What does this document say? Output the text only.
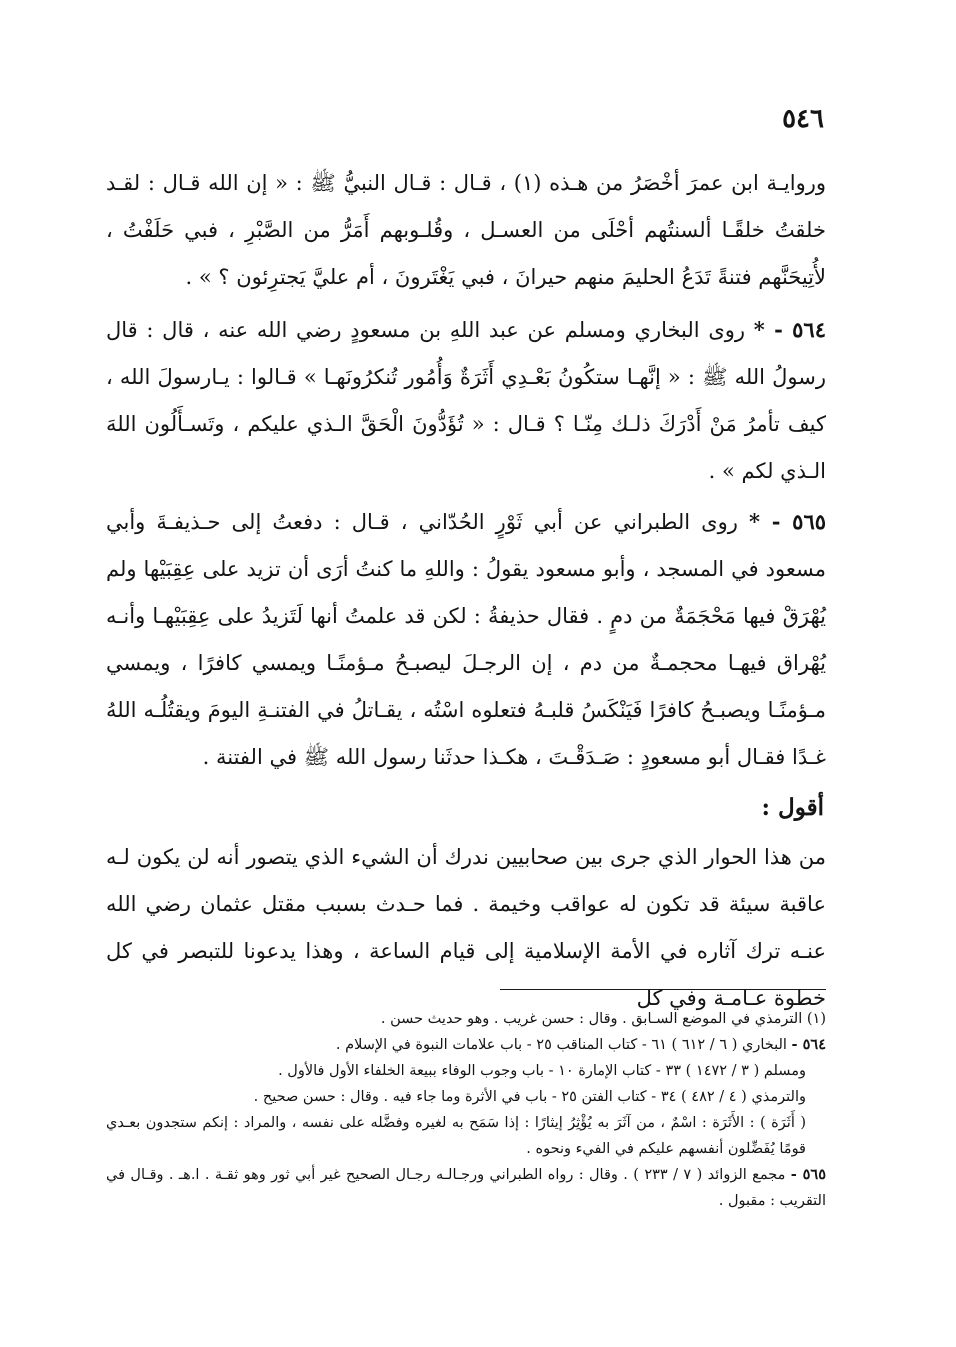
٥٤٦
وروايـة ابن عمرَ أخْصَرُ من هـذه (١) ، قـال : قـال النبيُّ ﷺ : « إن الله قـال : لقـد خلقتُ خلقًـا ألسنتُهم أحْلَى من العسـل ، وقُلـوبهم أَمَرُّ من الصَّبْرِ ، فبي حَلَفْتُ ، لأُتِيحَنَّهم فتنةً تَدَعُ الحليمَ منهم حيرانَ ، فبي يَغْتَرونَ ، أم عليَّ يَجترِئون ؟ » .
٥٦٤ - * روى البخاري ومسلم عن عبد اللهِ بن مسعودٍ رضي الله عنه ، قال : قال رسولُ الله ﷺ : « إنَّهـا ستكُونُ بَعْـدِي أَثَرَةٌ وَأُمُور تُنكرُونَهـا » قـالوا : يـارسولَ الله ، كيف تأمرُ مَنْ أَدْرَكَ ذلـك مِنّـا ؟ قـال : « تُؤَدُّونَ الْحَقَّ الـذي عليكم ، وتَسـأَلُون اللهَ الـذي لكم » .
٥٦٥ - * روى الطبراني عن أبي ثَوْرٍ الحُدّاني ، قـال : دفعتُ إلى حـذيفـةَ وأبي مسعود في المسجد ، وأبو مسعود يقولُ : واللهِ ما كنتُ أرَى أن تزيد على عِقِبَيْها ولم يُهْرَقْ فيها مَحْجَمَةٌ من دمٍ . فقال حذيفةُ : لكن قد علمتُ أنها لَتَزيدُ على عِقِبَيْهـا وأنـه يُهْراق فيهـا محجمـةٌ من دم ، إن الرجـلَ ليصبـحُ مـؤمنًـا ويمسي كافرًا ، ويمسي مـؤمنًـا ويصبـحُ كافرًا فَيَنْكَسُ قلبـهُ فتعلوه اسْتُه ، يقـاتلُ في الفتنـةِ اليومَ ويقتُلُـه اللهُ غـدًا فقـال أبو مسعودٍ : صَـدَقْـتَ ، هكـذا حدثَنا رسول الله ﷺ في الفتنة .
أقول :
من هذا الحوار الذي جرى بين صحابيين ندرك أن الشيء الذي يتصور أنه لن يكون لـه عاقبة سيئة قد تكون له عواقب وخيمة . فما حـدث بسبب مقتل عثمان رضي الله عنـه ترك آثاره في الأمة الإسلامية إلى قيام الساعة ، وهذا يدعونا للتبصر في كل خطوة عـامـة وفي كل

(١) الترمذي في الموضع السـابق . وقال : حسن غريب . وهو حديث حسن .

٥٦٤ - البخاري ( ٦ / ٦١٢ ) ٦١ - كتاب المناقب ٢٥ - باب علامات النبوة في الإسلام .

ومسلم ( ٣ / ١٤٧٢ ) ٣٣ - كتاب الإمارة ١٠ - باب وجوب الوفاء ببيعة الخلفاء الأول فالأول .

والترمذي ( ٤ / ٤٨٢ ) ٣٤ - كتاب الفتن ٢٥ - باب في الأثرة وما جاء فيه . وقال : حسن صحيح .

( أَثَرَة ) : الأَثَرَة : اسْمٌ ، من آثَرَ به يُؤْثِرُ إيثارًا : إذا سَمَح به لغيره وفضَّله على نفسه ، والمراد : إنكم ستجدون بعـدي قومًا يُفَضِّلون أنفسهم عليكم في الفيء ونحوه .

٥٦٥ - مجمع الزوائد ( ٧ / ٢٣٣ ) . وقال : رواه الطبراني ورجـالـه رجـال الصحيح غير أبي ثور وهو ثقـة . ا.هـ . وقـال في التقريب : مقبول .
